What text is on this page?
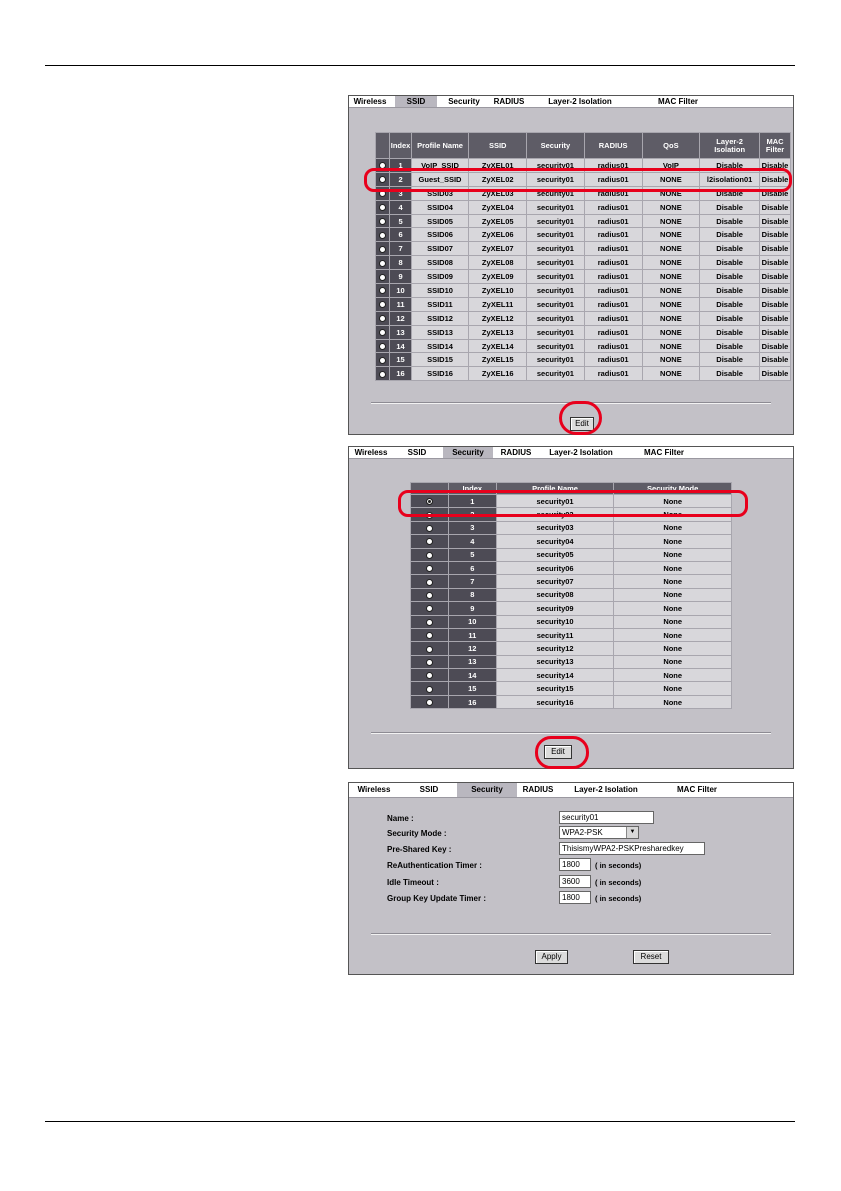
Wireless	SSID	Security	RADIUS	Layer-2 Isolation	MAC Filter
	Index	Profile Name	SSID	Security	RADIUS	QoS	Layer-2 Isolation	MAC Filter
	1	VoIP_SSID	ZyXEL01	security01	radius01	VoIP	Disable	Disable
	2	Guest_SSID	ZyXEL02	security01	radius01	NONE	l2isolation01	Disable
	3	SSID03	ZyXEL03	security01	radius01	NONE	Disable	Disable
	4	SSID04	ZyXEL04	security01	radius01	NONE	Disable	Disable
	5	SSID05	ZyXEL05	security01	radius01	NONE	Disable	Disable
	6	SSID06	ZyXEL06	security01	radius01	NONE	Disable	Disable
	7	SSID07	ZyXEL07	security01	radius01	NONE	Disable	Disable
	8	SSID08	ZyXEL08	security01	radius01	NONE	Disable	Disable
	9	SSID09	ZyXEL09	security01	radius01	NONE	Disable	Disable
	10	SSID10	ZyXEL10	security01	radius01	NONE	Disable	Disable
	11	SSID11	ZyXEL11	security01	radius01	NONE	Disable	Disable
	12	SSID12	ZyXEL12	security01	radius01	NONE	Disable	Disable
	13	SSID13	ZyXEL13	security01	radius01	NONE	Disable	Disable
	14	SSID14	ZyXEL14	security01	radius01	NONE	Disable	Disable
	15	SSID15	ZyXEL15	security01	radius01	NONE	Disable	Disable
	16	SSID16	ZyXEL16	security01	radius01	NONE	Disable	Disable
Edit
Wireless	SSID	Security	RADIUS	Layer-2 Isolation	MAC Filter
	Index	Profile Name	Security Mode
	1	security01	None
	2	security02	None
	3	security03	None
	4	security04	None
	5	security05	None
	6	security06	None
	7	security07	None
	8	security08	None
	9	security09	None
	10	security10	None
	11	security11	None
	12	security12	None
	13	security13	None
	14	security14	None
	15	security15	None
	16	security16	None
Edit
Wireless	SSID	Security	RADIUS	Layer-2 Isolation	MAC Filter
Name :	security01
Security Mode :	WPA2-PSK	▼
Pre-Shared Key :	ThisismyWPA2-PSKPresharedkey
ReAuthentication Timer :	1800	( in seconds)
Idle Timeout :	3600	( in seconds)
Group Key Update Timer :	1800	( in seconds)
Apply	Reset
